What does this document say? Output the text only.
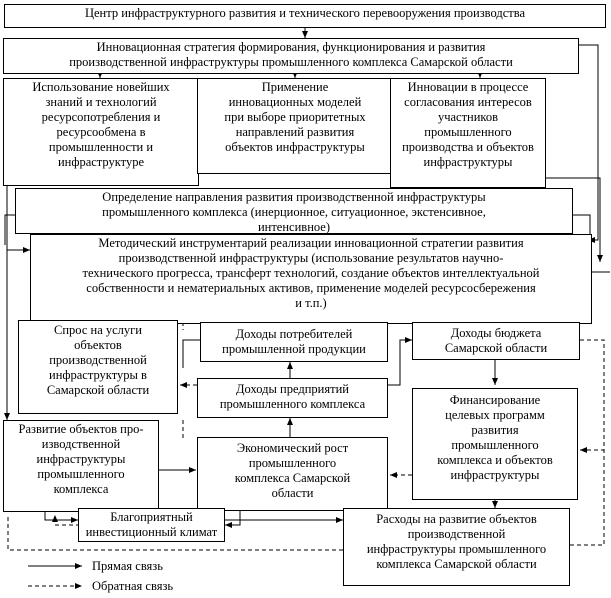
Центр инфраструктурного развития и технического перевооружения производства
Инновационная стратегия формирования, функционирования и развития
производственной инфраструктуры промышленного комплекса Самарской области
Использование новейших
знаний и технологий
ресурсопотребления и
ресурсообмена в
промышленности и
инфраструктуре
Применение
инновационных моделей
при выборе приоритетных
направлений развития
объектов инфраструктуры
Инновации в процессе
согласования интересов
участников
промышленного
производства и объектов
инфраструктуры
Определение направления развития производственной инфраструктуры
промышленного комплекса (инерционное, ситуационное, экстенсивное,
интенсивное)
Методический инструментарий реализации инновационной стратегии развития
производственной инфраструктуры (использование результатов научно-
технического прогресса, трансферт технологий, создание объектов интеллектуальной
собственности и нематериальных активов, применение моделей ресурсосбережения
и т.п.)
Доходы потребителей
промышленной продукции
Доходы бюджета
Самарской области
Спрос на услуги
объектов
производственной
инфраструктуры в
Самарской области	Доходы предприятий
промышленного комплекса	Финансирование
целевых программ
развития
промышленного
комплекса и объектов
инфраструктуры
Развитие объектов про-
изводственной
инфраструктуры
промышленного
комплекса
Экономический рост
промышленного
комплекса Самарской
области
Благоприятный
инвестиционный климат
Расходы на развитие объектов
производственной
инфраструктуры промышленного
комплекса Самарской области
Прямая связь
Обратная связь
